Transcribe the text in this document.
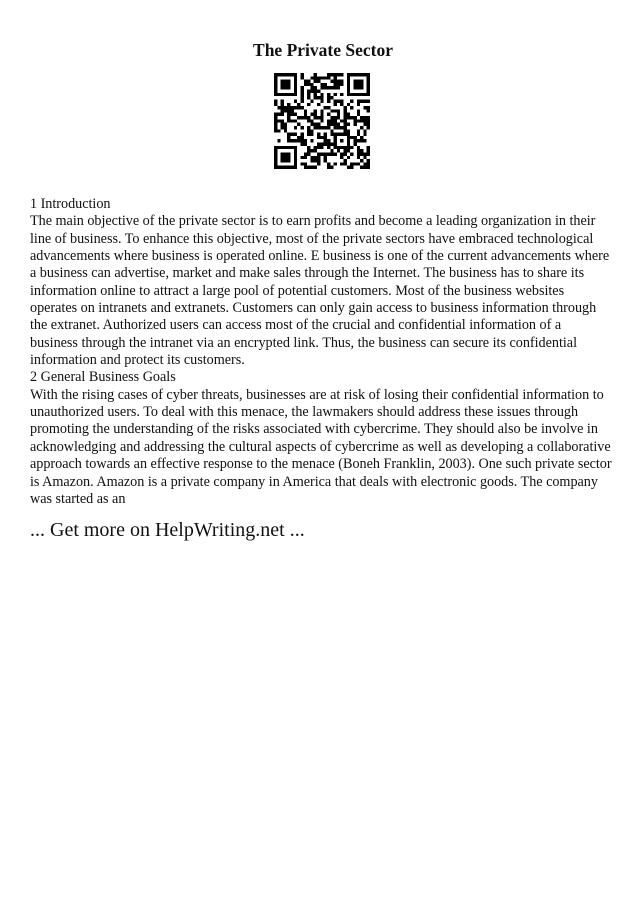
The Private Sector

1 Introduction

The main objective of the private sector is to earn profits and become a leading organization in their line of business. To enhance this objective, most of the private sectors have embraced technological advancements where business is operated online. E business is one of the current advancements where a business can advertise, market and make sales through the Internet. The business has to share its information online to attract a large pool of potential customers. Most of the business websites operates on intranets and extranets. Customers can only gain access to business information through the extranet. Authorized users can access most of the crucial and confidential information of a business through the intranet via an encrypted link. Thus, the business can secure its confidential information and protect its customers.

2 General Business Goals

With the rising cases of cyber threats, businesses are at risk of losing their confidential information to unauthorized users. To deal with this menace, the lawmakers should address these issues through promoting the understanding of the risks associated with cybercrime. They should also be involve in acknowledging and addressing the cultural aspects of cybercrime as well as developing a collaborative approach towards an effective response to the menace (Boneh Franklin, 2003). One such private sector is Amazon. Amazon is a private company in America that deals with electronic goods. The company was started as an

... Get more on HelpWriting.net ...
